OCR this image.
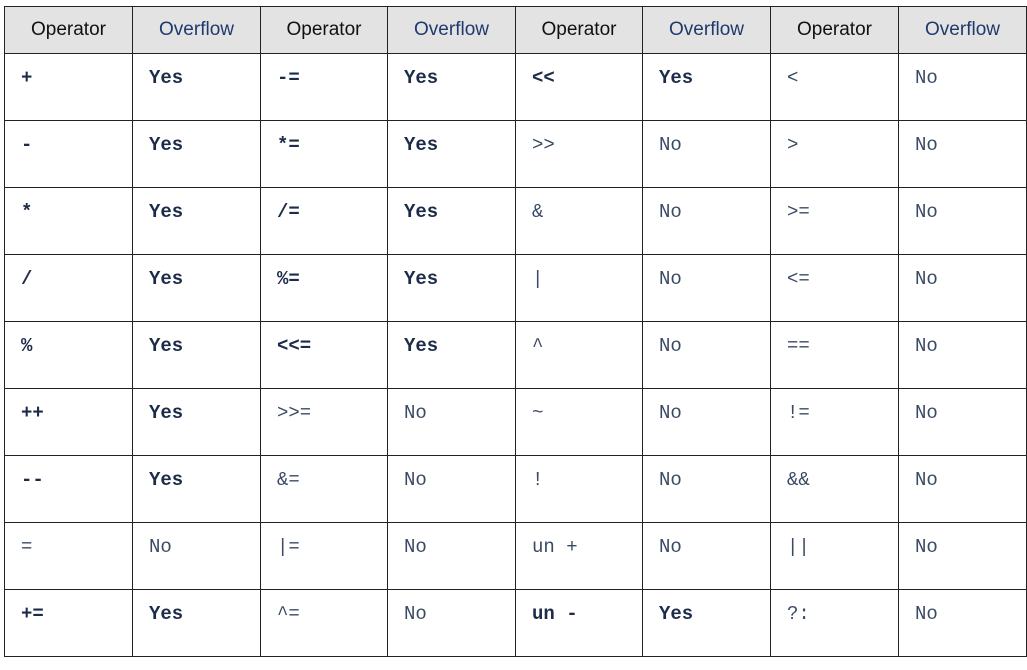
Operator	Overflow	Operator	Overflow	Operator	Overflow	Operator	Overflow
+	Yes	-=	Yes	<<	Yes	<	No
-	Yes	*=	Yes	>>	No	>	No
*	Yes	/=	Yes	&	No	>=	No
/	Yes	%=	Yes	|	No	<=	No
%	Yes	<<=	Yes	^	No	==	No
++	Yes	>>=	No	~	No	!=	No
--	Yes	&=	No	!	No	&&	No
=	No	|=	No	un +	No	||	No
+=	Yes	^=	No	un -	Yes	?:	No
